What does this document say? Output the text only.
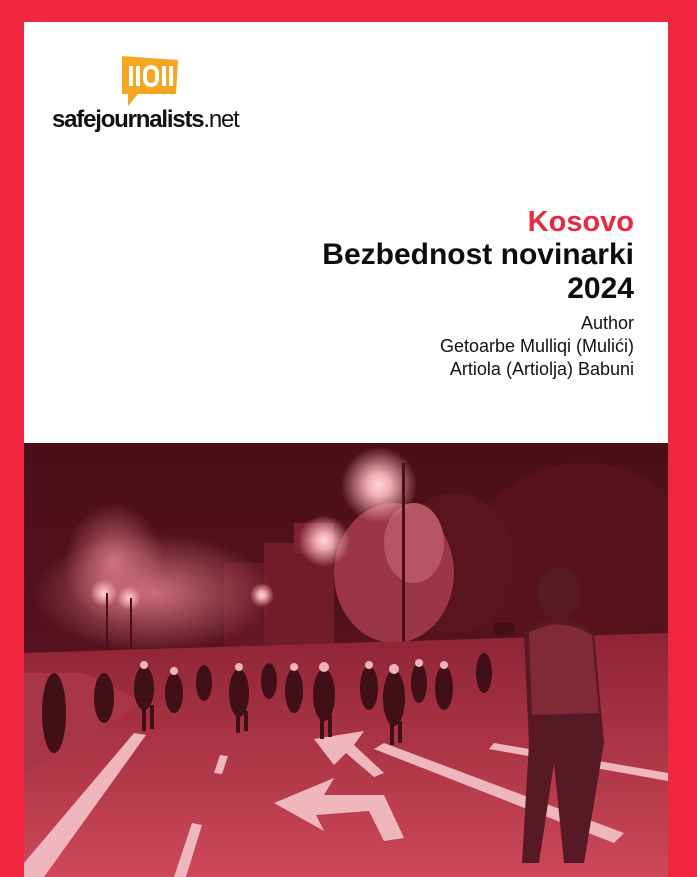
safejournalists.net
Kosovo
Bezbednost novinarki
2024
Author
Getoarbe Mulliqi (Mulići)
Artiola (Artiolja) Babuni
